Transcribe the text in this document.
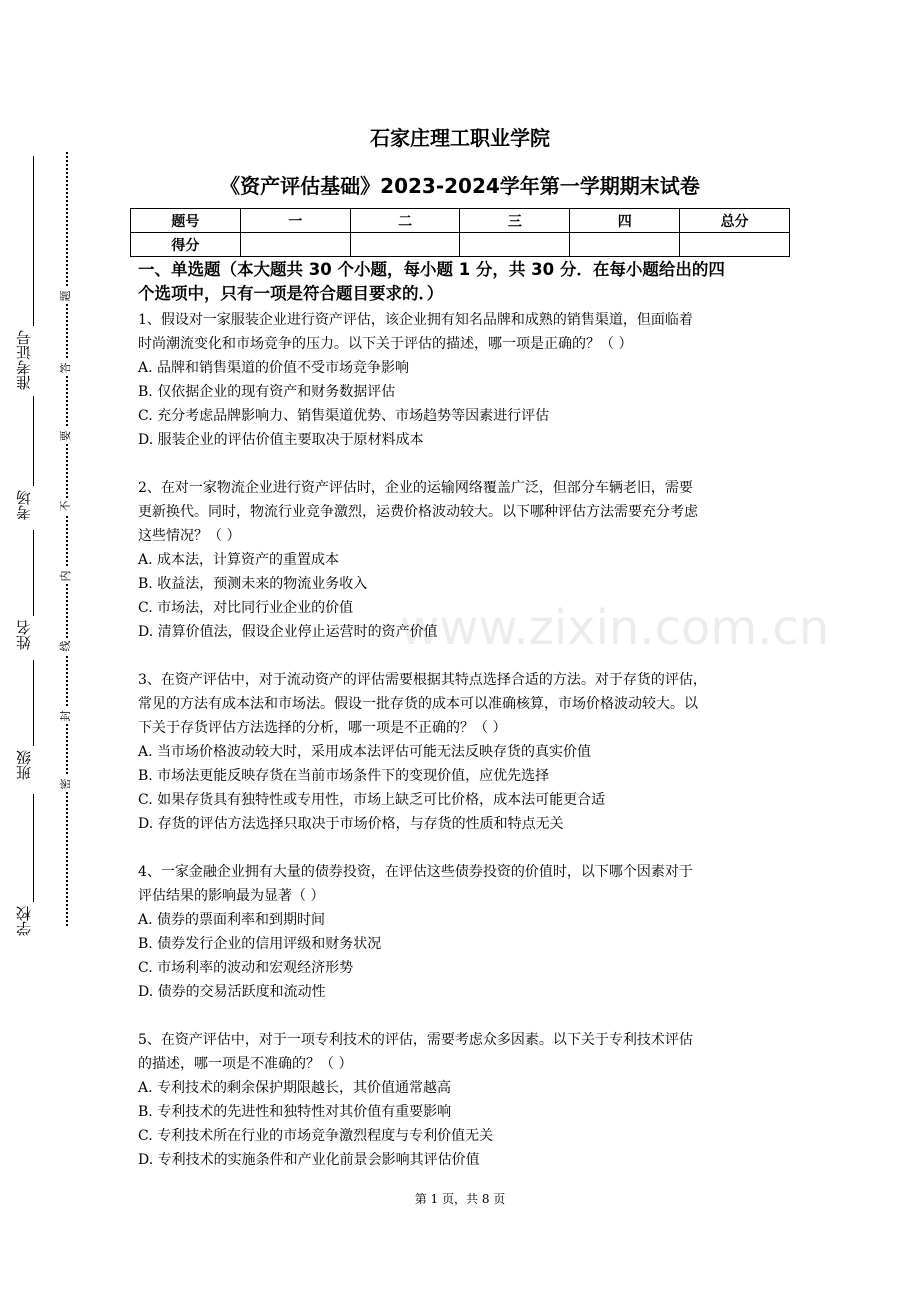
准考证号
考场
姓名
班级
学校
题
答
要
不
内
线
封
密
www.zixin.com.cn
石家庄理工职业学院
《资产评估基础》2023-2024学年第一学期期末试卷
题号	一	二	三	四	总分
得分					
一、单选题（本大题共 30 个小题，每小题 1 分，共 30 分．在每小题给出的四
个选项中，只有一项是符合题目要求的．）
1、假设对一家服装企业进行资产评估，该企业拥有知名品牌和成熟的销售渠道，但面临着
时尚潮流变化和市场竞争的压力。以下关于评估的描述，哪一项是正确的？（ ）
A. 品牌和销售渠道的价值不受市场竞争影响
B. 仅依据企业的现有资产和财务数据评估
C. 充分考虑品牌影响力、销售渠道优势、市场趋势等因素进行评估
D. 服装企业的评估价值主要取决于原材料成本
2、在对一家物流企业进行资产评估时，企业的运输网络覆盖广泛，但部分车辆老旧，需要
更新换代。同时，物流行业竞争激烈，运费价格波动较大。以下哪种评估方法需要充分考虑
这些情况？（ ）
A. 成本法，计算资产的重置成本
B. 收益法，预测未来的物流业务收入
C. 市场法，对比同行业企业的价值
D. 清算价值法，假设企业停止运营时的资产价值
3、在资产评估中，对于流动资产的评估需要根据其特点选择合适的方法。对于存货的评估，
常见的方法有成本法和市场法。假设一批存货的成本可以准确核算，市场价格波动较大。以
下关于存货评估方法选择的分析，哪一项是不正确的？（ ）
A. 当市场价格波动较大时，采用成本法评估可能无法反映存货的真实价值
B. 市场法更能反映存货在当前市场条件下的变现价值，应优先选择
C. 如果存货具有独特性或专用性，市场上缺乏可比价格，成本法可能更合适
D. 存货的评估方法选择只取决于市场价格，与存货的性质和特点无关
4、一家金融企业拥有大量的债券投资，在评估这些债券投资的价值时，以下哪个因素对于
评估结果的影响最为显著（ ）
A. 债券的票面利率和到期时间
B. 债券发行企业的信用评级和财务状况
C. 市场利率的波动和宏观经济形势
D. 债券的交易活跃度和流动性
5、在资产评估中，对于一项专利技术的评估，需要考虑众多因素。以下关于专利技术评估
的描述，哪一项是不准确的？（ ）
A. 专利技术的剩余保护期限越长，其价值通常越高
B. 专利技术的先进性和独特性对其价值有重要影响
C. 专利技术所在行业的市场竞争激烈程度与专利价值无关
D. 专利技术的实施条件和产业化前景会影响其评估价值
第 1 页，共 8 页
